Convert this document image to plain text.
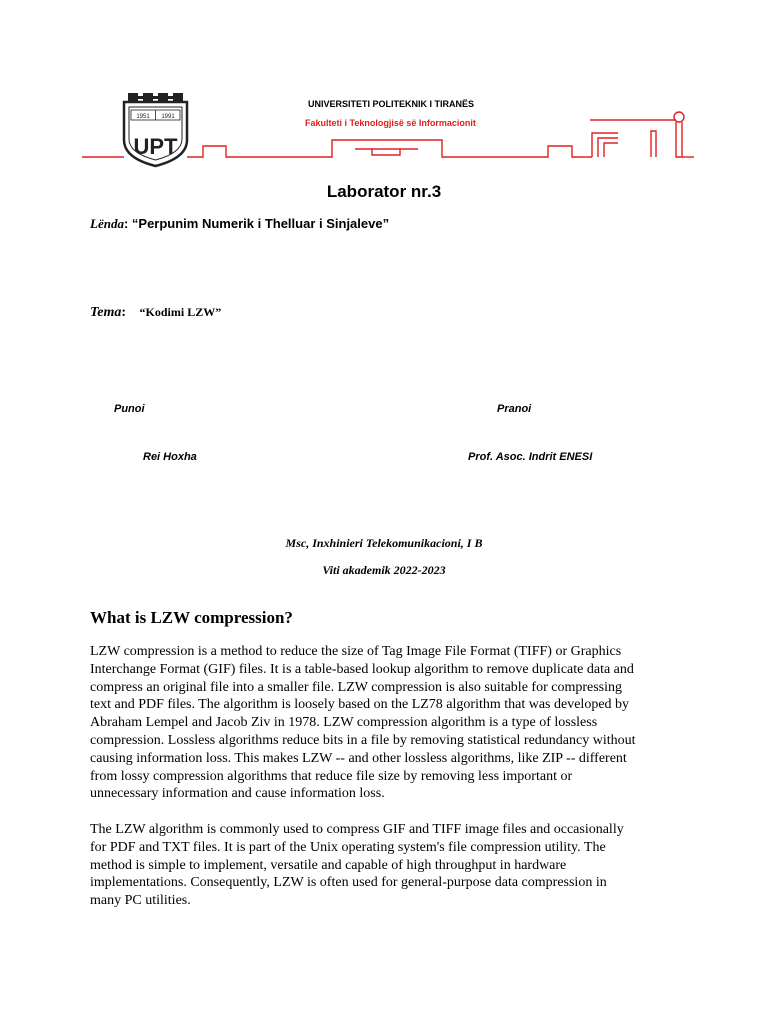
1951 1991
UPT
UNIVERSITETI POLITEKNIK I TIRANËS
Fakulteti i Teknologjisë së Informacionit
Laborator nr.3
Lënda: “Perpunim Numerik i Thelluar i Sinjaleve”
Tema: “Kodimi LZW”
Punoi	Pranoi
Rei Hoxha	Prof. Asoc. Indrit ENESI
Msc, Inxhinieri Telekomunikacioni, I B
Viti akademik 2022-2023
What is LZW compression?
LZW compression is a method to reduce the size of Tag Image File Format (TIFF) or Graphics
Interchange Format (GIF) files. It is a table-based lookup algorithm to remove duplicate data and
compress an original file into a smaller file. LZW compression is also suitable for compressing
text and PDF files. The algorithm is loosely based on the LZ78 algorithm that was developed by
Abraham Lempel and Jacob Ziv in 1978. LZW compression algorithm is a type of lossless
compression. Lossless algorithms reduce bits in a file by removing statistical redundancy without
causing information loss. This makes LZW -- and other lossless algorithms, like ZIP -- different
from lossy compression algorithms that reduce file size by removing less important or
unnecessary information and cause information loss.
The LZW algorithm is commonly used to compress GIF and TIFF image files and occasionally
for PDF and TXT files. It is part of the Unix operating system's file compression utility. The
method is simple to implement, versatile and capable of high throughput in hardware
implementations. Consequently, LZW is often used for general-purpose data compression in
many PC utilities.
